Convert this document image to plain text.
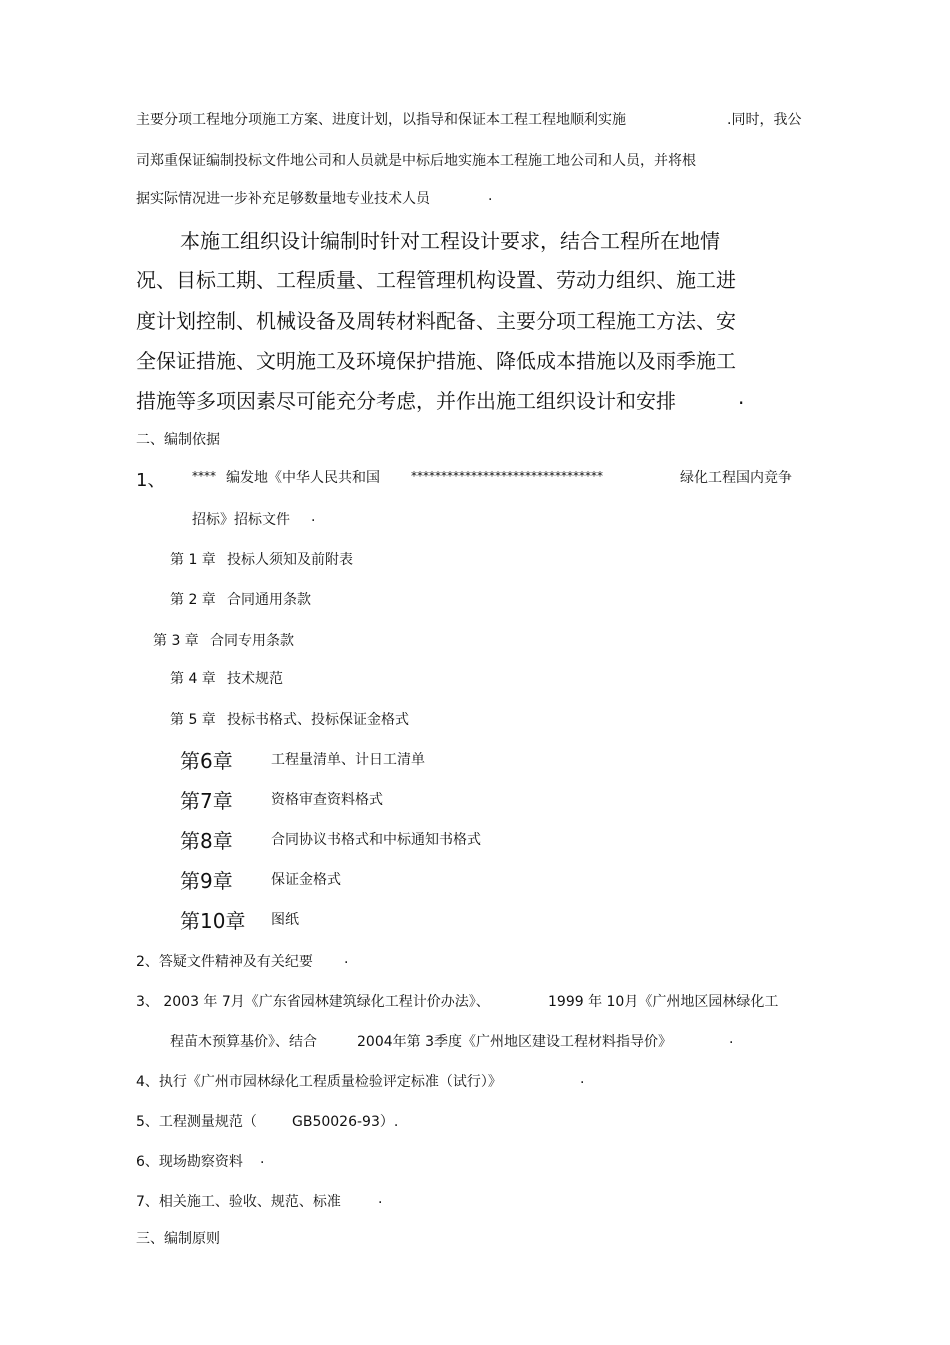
主要分项工程地分项施工方案、进度计划，以指导和保证本工程工程地顺利实施	.同时，我公
司郑重保证编制投标文件地公司和人员就是中标后地实施本工程施工地公司和人员，并将根
据实际情况进一步补充足够数量地专业技术人员	.
本施工组织设计编制时针对工程设计要求，结合工程所在地情
况、目标工期、工程质量、工程管理机构设置、劳动力组织、施工进
度计划控制、机械设备及周转材料配备、主要分项工程施工方法、安
全保证措施、文明施工及环境保护措施、降低成本措施以及雨季施工
措施等多项因素尽可能充分考虑，并作出施工组织设计和安排	.
二、编制依据
1、 **** 编发地《中华人民共和国	********************************	绿化工程国内竞争
招标》招标文件 .
第 1 章 投标人须知及前附表
第 2 章 合同通用条款
第 3 章 合同专用条款
第 4 章 技术规范
第 5 章 投标书格式、投标保证金格式
第6章	工程量清单、计日工清单
第7章	资格审查资料格式
第8章	合同协议书格式和中标通知书格式
第9章	保证金格式
第10章 图纸
2、答疑文件精神及有关纪要 .
3、 2003 年 7月《广东省园林建筑绿化工程计价办法》、	1999 年 10月《广州地区园林绿化工
程苗木预算基价》、结合	2004年第 3季度《广州地区建设工程材料指导价》	.
4、执行《广州市园林绿化工程质量检验评定标准（试行）》	.
5、工程测量规范（	GB50026-93）.
6、现场勘察资料 .
7、相关施工、验收、规范、标准	.
三、编制原则
